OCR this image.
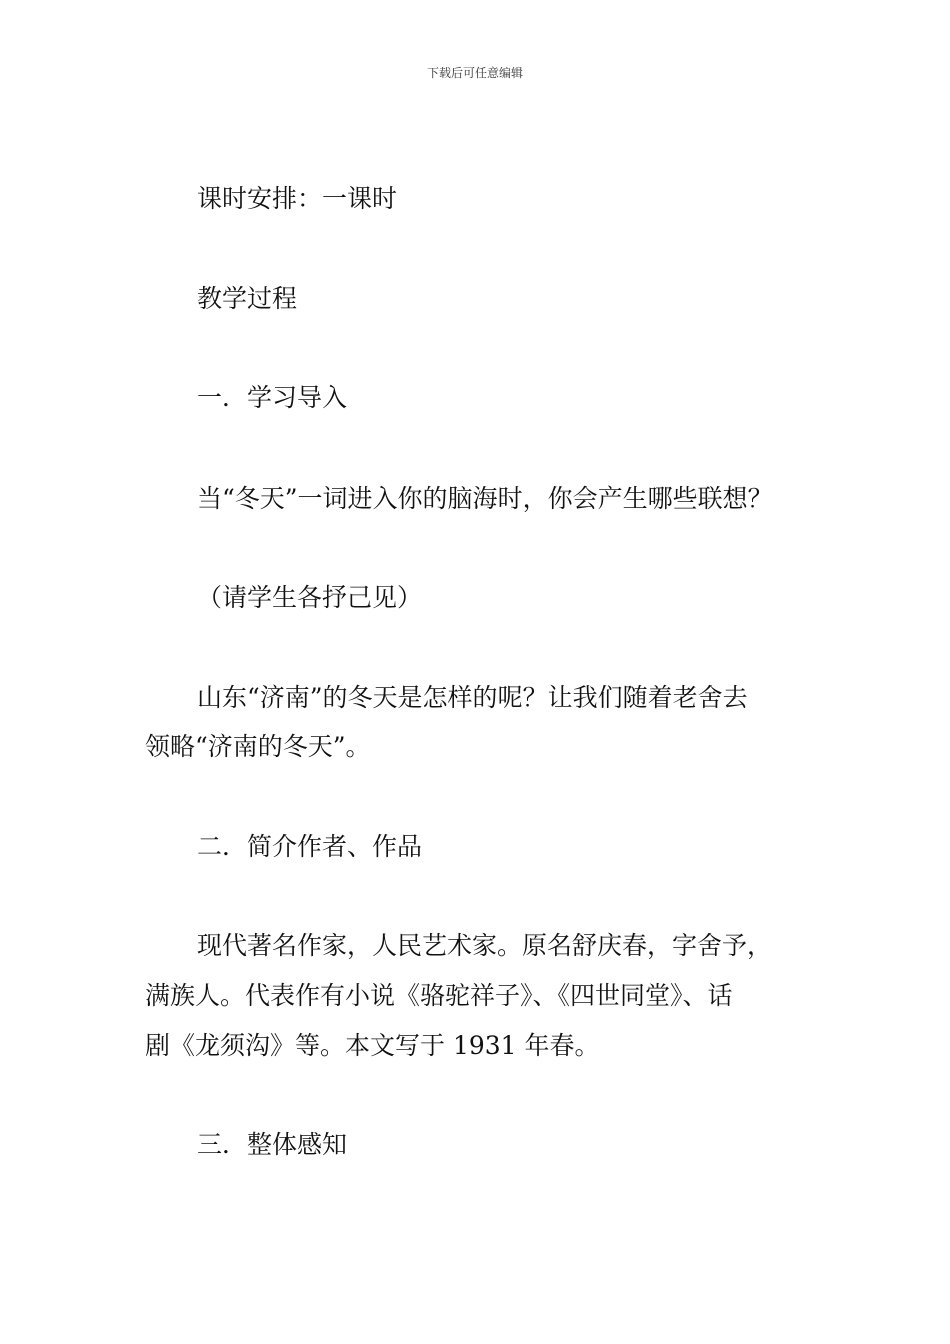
下载后可任意编辑
课时安排：一课时
教学过程
一．学习导入
当“冬天”一词进入你的脑海时，你会产生哪些联想？
（请学生各抒己见）
山东“济南”的冬天是怎样的呢？让我们随着老舍去
领略“济南的冬天”。
二．简介作者、作品
现代著名作家，人民艺术家。原名舒庆春，字舍予，
满族人。代表作有小说《骆驼祥子》、《四世同堂》、话
剧《龙须沟》等。本文写于 1931 年春。
三．整体感知
